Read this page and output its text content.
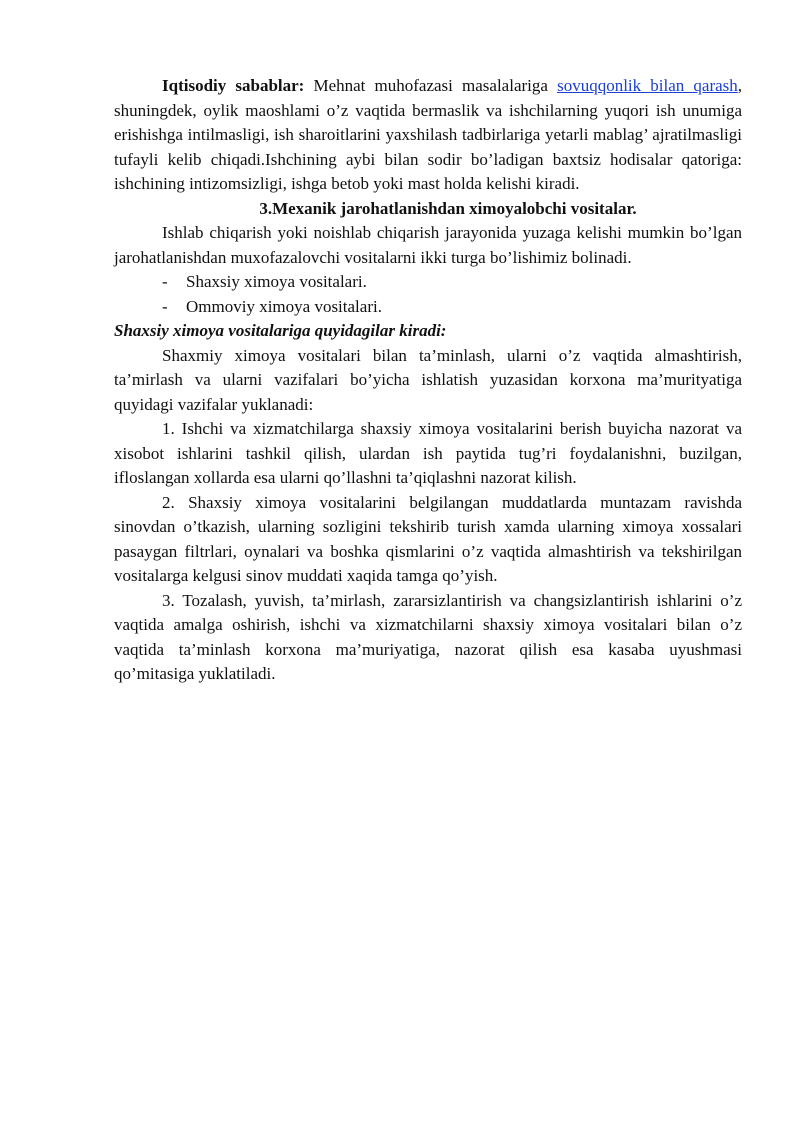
Iqtisodiy sabablar: Mehnat muhofazasi masalalariga sovuqqonlik bilan qarash, shuningdek, oylik maoshlami o’z vaqtida bermaslik va ishchilarning yuqori ish unumiga erishishga intilmasligi, ish sharoitlarini yaxshilash tadbirlariga yetarli mablag’ ajratilmasligi tufayli kelib chiqadi.Ishchining aybi bilan sodir bo’ladigan baxtsiz hodisalar qatoriga: ishchining intizomsizligi, ishga betob yoki mast holda kelishi kiradi.

3.Mexanik jarohatlanishdan ximoyalobchi vositalar.

Ishlab chiqarish yoki noishlab chiqarish jarayonida yuzaga kelishi mumkin bo’lgan jarohatlanishdan muxofazalovchi vositalarni ikki turga bo’lishimiz bolinadi.

-	Shaxsiy ximoya vositalari.
-	Ommoviy ximoya vositalari.

Shaxsiy ximoya vositalariga quyidagilar kiradi:

Shaxmiy ximoya vositalari bilan ta’minlash, ularni o’z vaqtida almashtirish, ta’mirlash va ularni vazifalari bo’yicha ishlatish yuzasidan korxona ma’murityatiga quyidagi vazifalar yuklanadi:

1. Ishchi va xizmatchilarga shaxsiy ximoya vositalarini berish buyicha nazorat va xisobot ishlarini tashkil qilish, ulardan ish paytida tug’ri foydalanishni, buzilgan, ifloslangan xollarda esa ularni qo’llashni ta’qiqlashni nazorat kilish.

2. Shaxsiy ximoya vositalarini belgilangan muddatlarda muntazam ravishda sinovdan o’tkazish, ularning sozligini tekshirib turish xamda ularning ximoya xossalari pasaygan filtrlari, oynalari va boshka qismlarini o’z vaqtida almashtirish va tekshirilgan vositalarga kelgusi sinov muddati xaqida tamga qo’yish.

3. Tozalash, yuvish, ta’mirlash, zararsizlantirish va changsizlantirish ishlarini o’z vaqtida amalga oshirish, ishchi va xizmatchilarni shaxsiy ximoya vositalari bilan o’z vaqtida ta’minlash korxona ma’muriyatiga, nazorat qilish esa kasaba uyushmasi qo’mitasiga yuklatiladi.
